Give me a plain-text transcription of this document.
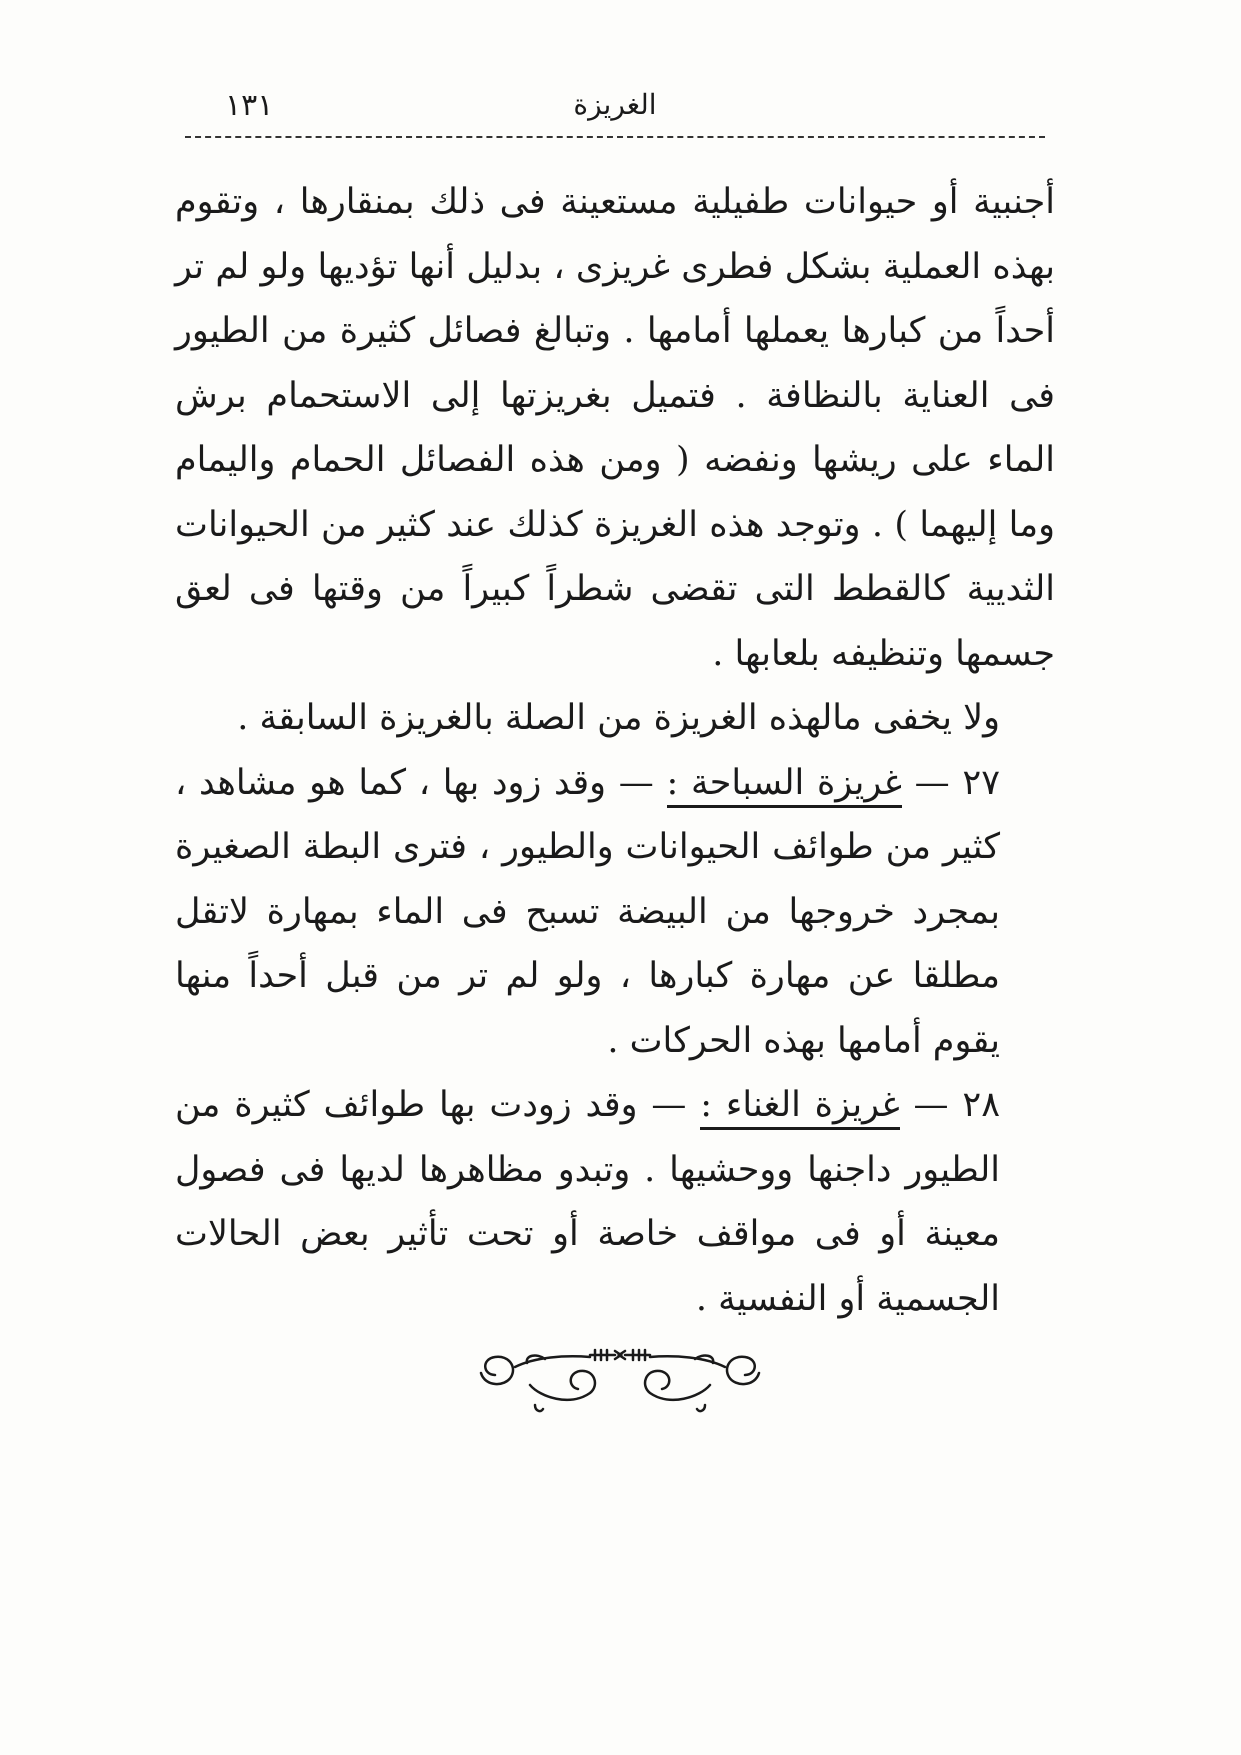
١٣١	الغريزة

أجنبية أو حيوانات طفيلية مستعينة فى ذلك بمنقارها ، وتقوم بهذه العملية بشكل فطرى غريزى ، بدليل أنها تؤديها ولو لم تر أحداً من كبارها يعملها أمامها . وتبالغ فصائل كثيرة من الطيور فى العناية بالنظافة . فتميل بغريزتها إلى الاستحمام برش الماء على ريشها ونفضه ( ومن هذه الفصائل الحمام واليمام وما إليهما ) . وتوجد هذه الغريزة كذلك عند كثير من الحيوانات الثديية كالقطط التى تقضى شطراً كبيراً من وقتها فى لعق جسمها وتنظيفه بلعابها .

ولا يخفى مالهذه الغريزة من الصلة بالغريزة السابقة .

٢٧ — غريزة السباحة : — وقد زود بها ، كما هو مشاهد ، كثير من طوائف الحيوانات والطيور ، فترى البطة الصغيرة بمجرد خروجها من البيضة تسبح فى الماء بمهارة لاتقل مطلقا عن مهارة كبارها ، ولو لم تر من قبل أحداً منها يقوم أمامها بهذه الحركات .

٢٨ — غريزة الغناء : — وقد زودت بها طوائف كثيرة من الطيور داجنها ووحشيها . وتبدو مظاهرها لديها فى فصول معينة أو فى مواقف خاصة أو تحت تأثير بعض الحالات الجسمية أو النفسية .
